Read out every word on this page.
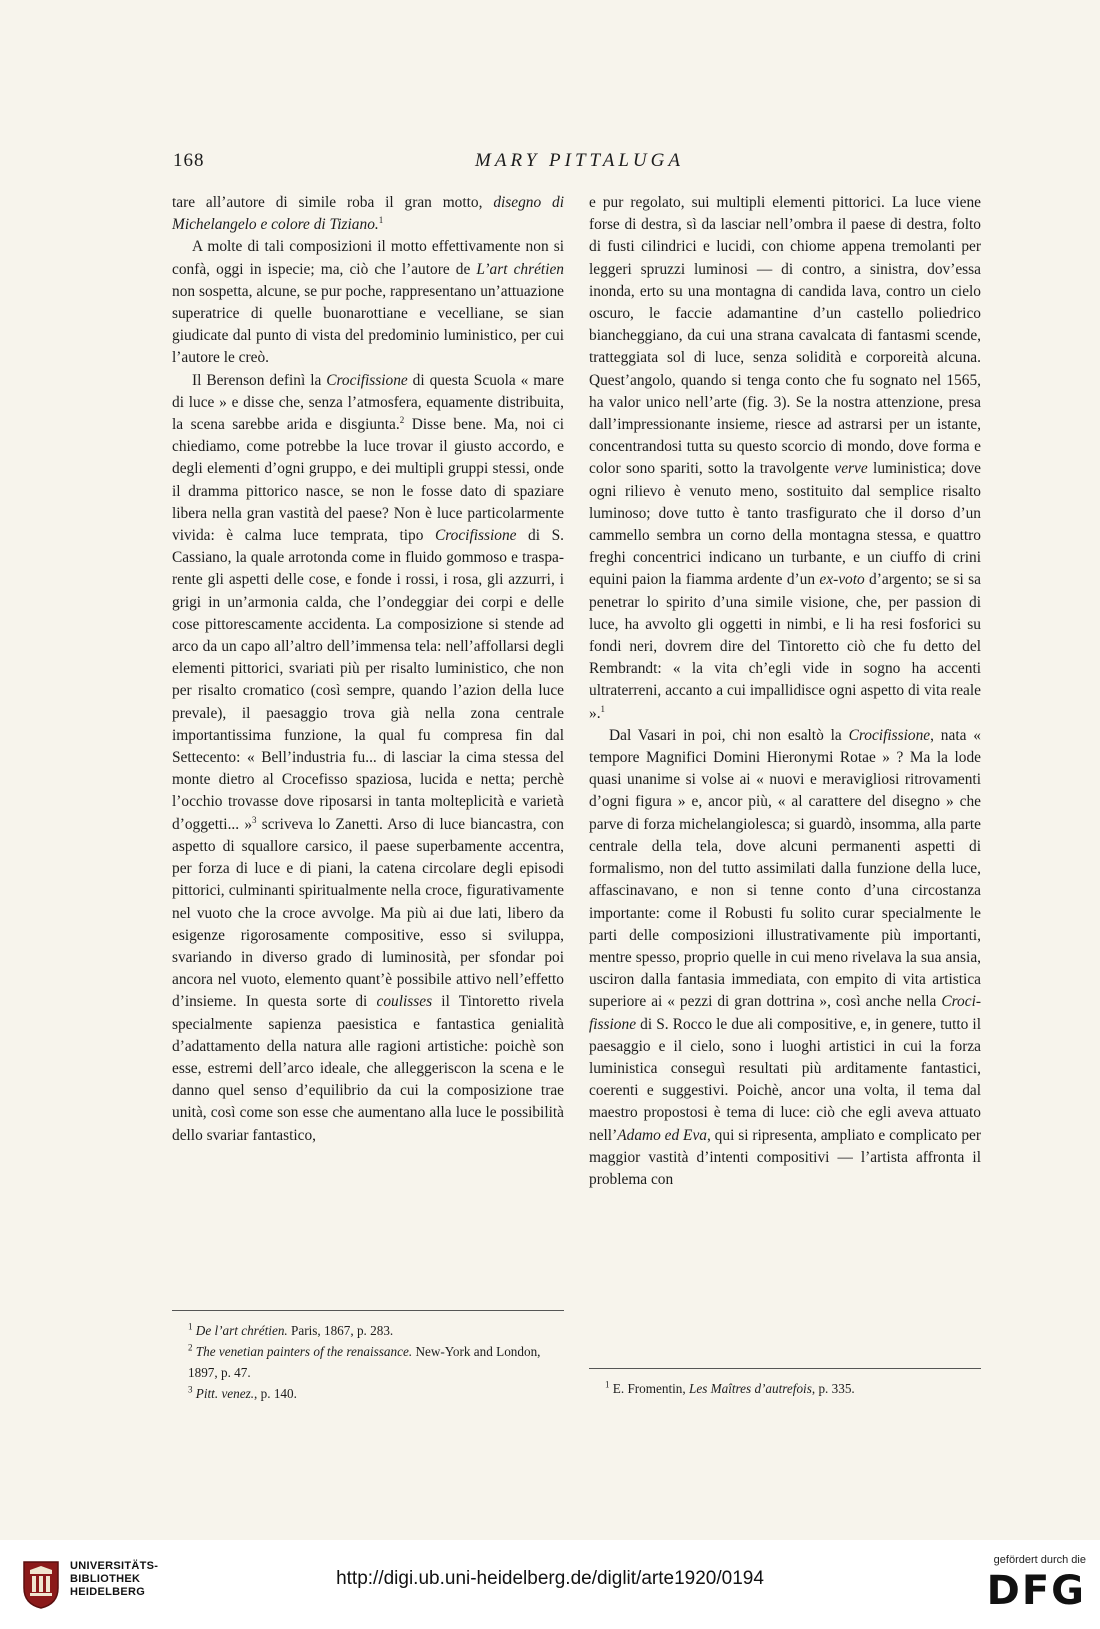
168	MARY PITTALUGA

tare all’autore di simile roba il gran motto, disegno di Michelangelo e colore di Tiziano.$^1$

A molte di tali composizioni il motto effettivamente non si confà, oggi in ispecie; ma, ciò che l’autore de L’art chrétien non sospetta, alcune, se pur poche, rappresentano un’attuazione superatrice di quelle buonarottiane e vecelliane, se sian giudicate dal punto di vista del predominio luministico, per cui l’autore le creò.

Il Berenson definì la Crocifissione di questa Scuola « mare di luce » e disse che, senza l’atmosfera, equamente distribuita, la scena sarebbe arida e disgiunta.$^2$ Disse bene. Ma, noi ci chiediamo, come potrebbe la luce trovar il giusto accordo, e degli elementi d’ogni gruppo, e dei multipli gruppi stessi, onde il dramma pittorico nasce, se non le fosse dato di spaziare libera nella gran vastità del paese? Non è luce particolarmente vivida: è calma luce temprata, tipo Crocifissione di S. Cassiano, la quale arrotonda come in fluido gommoso e trasparente gli aspetti delle cose, e fonde i rossi, i rosa, gli azzurri, i grigi in un’armonia calda, che l’ondeggiar dei corpi e delle cose pittorescamente accidenta. La composizione si stende ad arco da un capo all’altro dell’immensa tela: nell’affollarsi degli elementi pittorici, svariati più per risalto luministico, che non per risalto cromatico (così sempre, quando l’azion della luce prevale), il paesaggio trova già nella zona centrale importantissima funzione, la qual fu compresa fin dal Settecento: « Bell’industria fu... di lasciar la cima stessa del monte dietro al Crocefisso spaziosa, lucida e netta; perchè l’occhio trovasse dove riposarsi in tanta molteplicità e varietà d’oggetti... »$^3$ scriveva lo Zanetti. Arso di luce biancastra, con aspetto di squallore carsico, il paese superbamente accentra, per forza di luce e di piani, la catena circolare degli episodi pittorici, culminanti spiritualmente nella croce, figurativamente nel vuoto che la croce avvolge. Ma più ai due lati, libero da esigenze rigorosamente compositive, esso si sviluppa, svariando in diverso grado di luminosità, per sfondar poi ancora nel vuoto, elemento quant’è possibile attivo nell’effetto d’insieme. In questa sorte di coulisses il Tintoretto rivela specialmente sapienza paesistica e fantastica genialità d’adattamento della natura alle ragioni artistiche: poichè son esse, estremi dell’arco ideale, che alleggeriscon la scena e le danno quel senso d’equilibrio da cui la composizione trae unità, così come son esse che aumentano alla luce le possibilità dello svariar fantastico,

e pur regolato, sui multipli elementi pittorici. La luce viene forse di destra, sì da lasciar nell’ombra il paese di destra, folto di fusti cilindrici e lucidi, con chiome appena tremolanti per leggeri spruzzi luminosi — di contro, a sinistra, dov’essa inonda, erto su una montagna di candida lava, contro un cielo oscuro, le faccie adamantine d’un castello poliedrico biancheggiano, da cui una strana cavalcata di fantasmi scende, tratteggiata sol di luce, senza solidità e corporeità alcuna. Quest’angolo, quando si tenga conto che fu sognato nel 1565, ha valor unico nell’arte (fig. 3). Se la nostra attenzione, presa dall’impressionante insieme, riesce ad astrarsi per un istante, concentrandosi tutta su questo scorcio di mondo, dove forma e color sono spariti, sotto la travolgente verve luministica; dove ogni rilievo è venuto meno, sostituito dal semplice risalto luminoso; dove tutto è tanto trasfigurato che il dorso d’un cammello sembra un corno della montagna stessa, e quattro freghi concentrici indicano un turbante, e un ciuffo di crini equini paion la fiamma ardente d’un ex-voto d’argento; se si sa penetrar lo spirito d’una simile visione, che, per passion di luce, ha avvolto gli oggetti in nimbi, e li ha resi fosforici su fondi neri, dovrem dire del Tintoretto ciò che fu detto del Rembrandt: « la vita ch’egli vide in sogno ha accenti ultraterreni, accanto a cui impallidisce ogni aspetto di vita reale ».$^1$

Dal Vasari in poi, chi non esaltò la Crocifissione, nata « tempore Magnifici Domini Hieronymi Rotae » ? Ma la lode quasi unanime si volse ai « nuovi e meravigliosi ritrovamenti d’ogni figura » e, ancor più, « al carattere del disegno » che parve di forza michelangiolesca; si guardò, insomma, alla parte centrale della tela, dove alcuni permanenti aspetti di formalismo, non del tutto assimilati dalla funzione della luce, affascinavano, e non si tenne conto d’una circostanza importante: come il Robusti fu solito curar specialmente le parti delle composizioni illustrativamente più importanti, mentre spesso, proprio quelle in cui meno rivelava la sua ansia, usciron dalla fantasia immediata, con empito di vita artistica superiore ai « pezzi di gran dottrina », così anche nella Crocifissione di S. Rocco le due ali compositive, e, in genere, tutto il paesaggio e il cielo, sono i luoghi artistici in cui la forza luministica conseguì resultati più arditamente fantastici, coerenti e suggestivi. Poichè, ancor una volta, il tema dal maestro propostosi è tema di luce: ciò che egli aveva attuato nell’Adamo ed Eva, qui si ripresenta, ampliato e complicato per maggior vastità d’intenti compositivi — l’artista affronta il problema con

$^1$ De l’art chrétien. Paris, 1867, p. 283.

$^2$ The venetian painters of the renaissance. New-York and London, 1897, p. 47.

$^3$ Pitt. venez., p. 140.

$^1$ E. Fromentin, Les Maîtres d’autrefois, p. 335.

UNIVERSITÄTS-
BIBLIOTHEK
HEIDELBERG
http://digi.ub.uni-heidelberg.de/diglit/arte1920/0194
gefördert durch die
DFG
